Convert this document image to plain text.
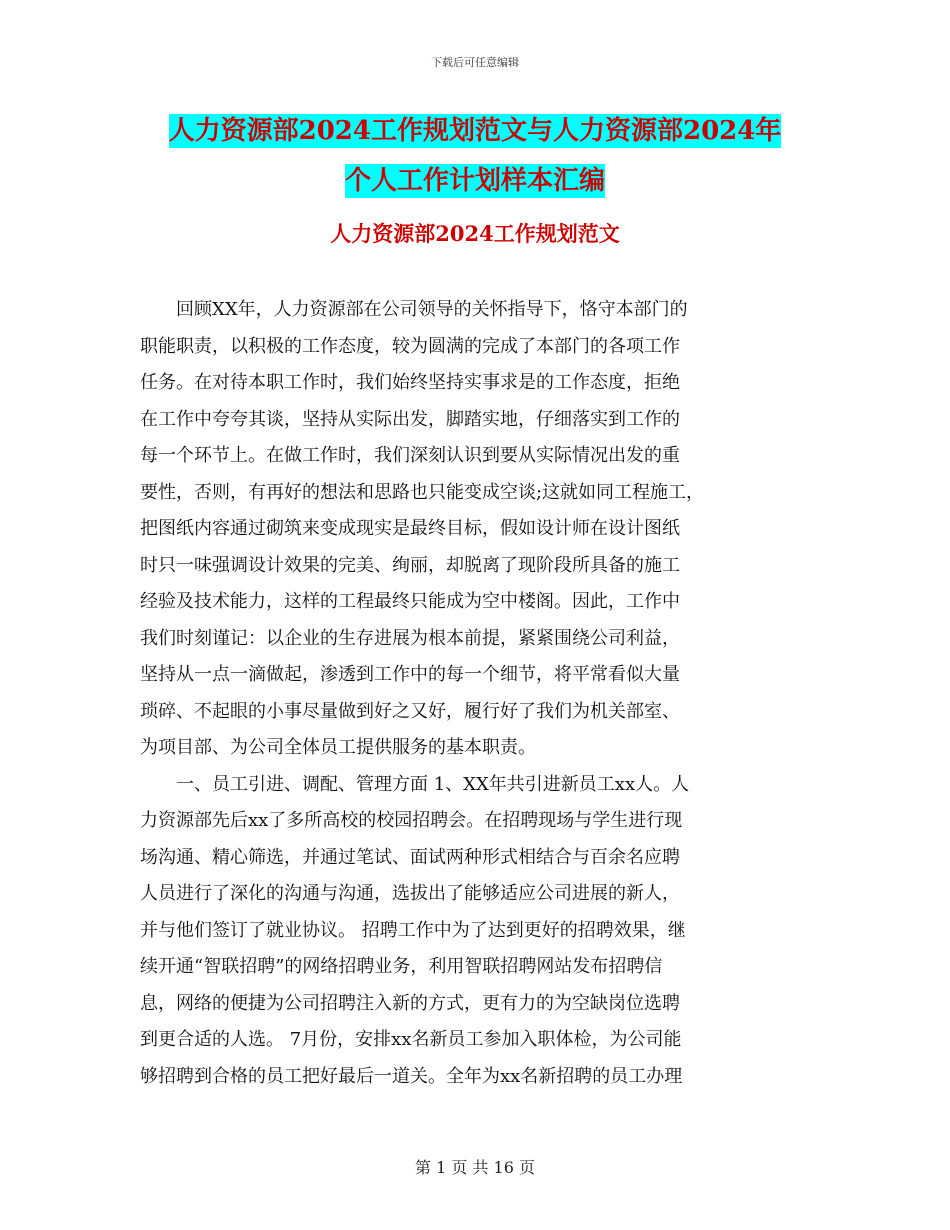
下载后可任意编辑
人力资源部2024工作规划范文与人力资源部2024年
个人工作计划样本汇编
人力资源部2024工作规划范文
　　回顾XX年，人力资源部在公司领导的关怀指导下，恪守本部门的
职能职责，以积极的工作态度，较为圆满的完成了本部门的各项工作
任务。在对待本职工作时，我们始终坚持实事求是的工作态度，拒绝
在工作中夸夸其谈，坚持从实际出发，脚踏实地，仔细落实到工作的
每一个环节上。在做工作时，我们深刻认识到要从实际情况出发的重
要性，否则，有再好的想法和思路也只能变成空谈;这就如同工程施工，
把图纸内容通过砌筑来变成现实是最终目标，假如设计师在设计图纸
时只一味强调设计效果的完美、绚丽，却脱离了现阶段所具备的施工
经验及技术能力，这样的工程最终只能成为空中楼阁。因此，工作中
我们时刻谨记：以企业的生存进展为根本前提，紧紧围绕公司利益，
坚持从一点一滴做起，渗透到工作中的每一个细节，将平常看似大量
琐碎、不起眼的小事尽量做到好之又好，履行好了我们为机关部室、
为项目部、为公司全体员工提供服务的基本职责。
　　一、员工引进、调配、管理方面 1、XX年共引进新员工xx人。人
力资源部先后xx了多所高校的校园招聘会。在招聘现场与学生进行现
场沟通、精心筛选，并通过笔试、面试两种形式相结合与百余名应聘
人员进行了深化的沟通与沟通，选拔出了能够适应公司进展的新人，
并与他们签订了就业协议。 招聘工作中为了达到更好的招聘效果，继
续开通“智联招聘”的网络招聘业务，利用智联招聘网站发布招聘信
息，网络的便捷为公司招聘注入新的方式，更有力的为空缺岗位选聘
到更合适的人选。 7月份，安排xx名新员工参加入职体检，为公司能
够招聘到合格的员工把好最后一道关。全年为xx名新招聘的员工办理
第 1 页 共 16 页
